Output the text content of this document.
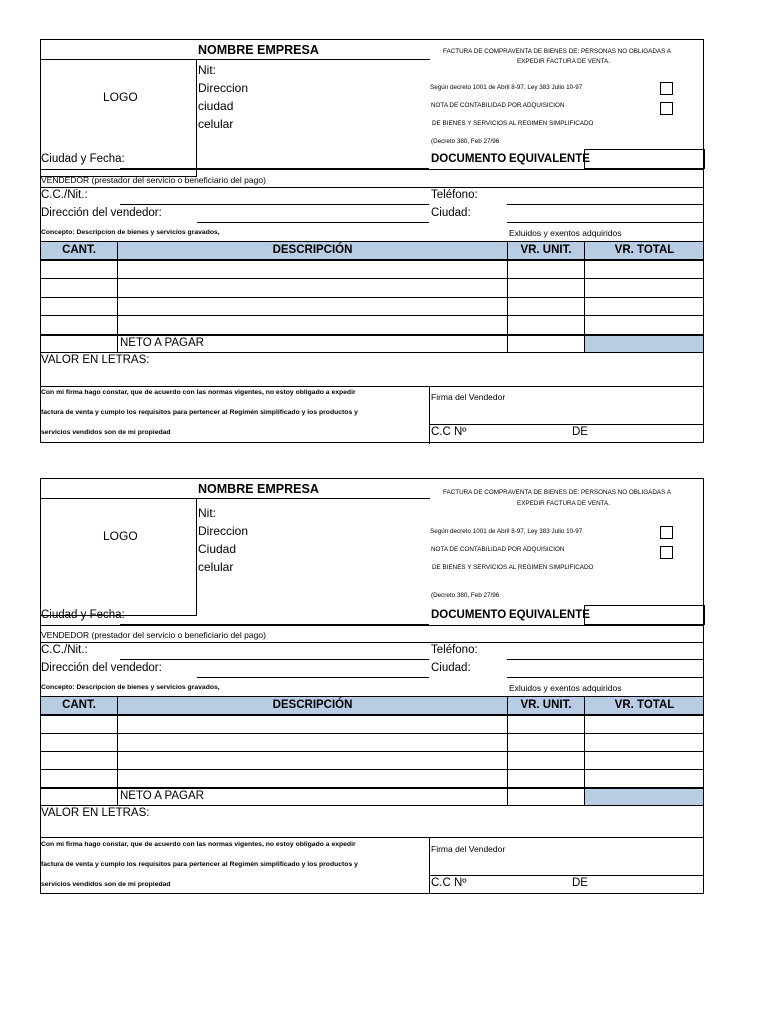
LOGO
NOMBRE EMPRESA
Nit:
Direccion
ciudad
celular
FACTURA DE COMPRAVENTA DE BIENES DE: PERSONAS NO OBLIGADAS A
EXPEDIR FACTURA DE VENTA.
Según decreto 1001 de Abril 8-97, Ley 383 Julio 10-97
NOTA DE CONTABILIDAD POR ADQUISICION
DE BIENES Y SERVICIOS AL REGIMEN SIMPLIFICADO
(Decreto 380, Feb 27/96
Ciudad y Fecha:	DOCUMENTO EQUIVALENTE
VENDEDOR (prestador del servicio o beneficiario del pago)
C.C./Nit.:	Teléfono:
Dirección del vendedor:	Ciudad:
Concepto: Descripcion de bienes y servicios gravados,	Exluidos y exentos adquiridos
CANT.	DESCRIPCIÓN	VR. UNIT.	VR. TOTAL
NETO A PAGAR
VALOR EN LETRAS:
Con mi firma hago constar, que de acuerdo con las normas vigentes, no estoy obligado a expedir
factura de venta y cumplo los requisitos para pertencer al Regimén simplificado y los productos y
servicios vendidos son de mi propiedad
Firma del Vendedor
C.C Nº	DE
LOGO
NOMBRE EMPRESA
Nit:
Direccion
Ciudad
celular
FACTURA DE COMPRAVENTA DE BIENES DE: PERSONAS NO OBLIGADAS A
EXPEDIR FACTURA DE VENTA.
Según decreto 1001 de Abril 8-97, Ley 383 Julio 10-97
NOTA DE CONTABILIDAD POR ADQUISICION
DE BIENES Y SERVICIOS AL REGIMEN SIMPLIFICADO
(Decreto 380, Feb 27/96
Ciudad y Fecha:	DOCUMENTO EQUIVALENTE
VENDEDOR (prestador del servicio o beneficiario del pago)
C.C./Nit.:	Teléfono:
Dirección del vendedor:	Ciudad:
Concepto: Descripcion de bienes y servicios gravados,	Exluidos y exentos adquiridos
CANT.	DESCRIPCIÓN	VR. UNIT.	VR. TOTAL
NETO A PAGAR
VALOR EN LETRAS:
Con mi firma hago constar, que de acuerdo con las normas vigentes, no estoy obligado a expedir
factura de venta y cumplo los requisitos para pertencer al Regimén simplificado y los productos y
servicios vendidos son de mi propiedad
Firma del Vendedor
C.C Nº	DE
